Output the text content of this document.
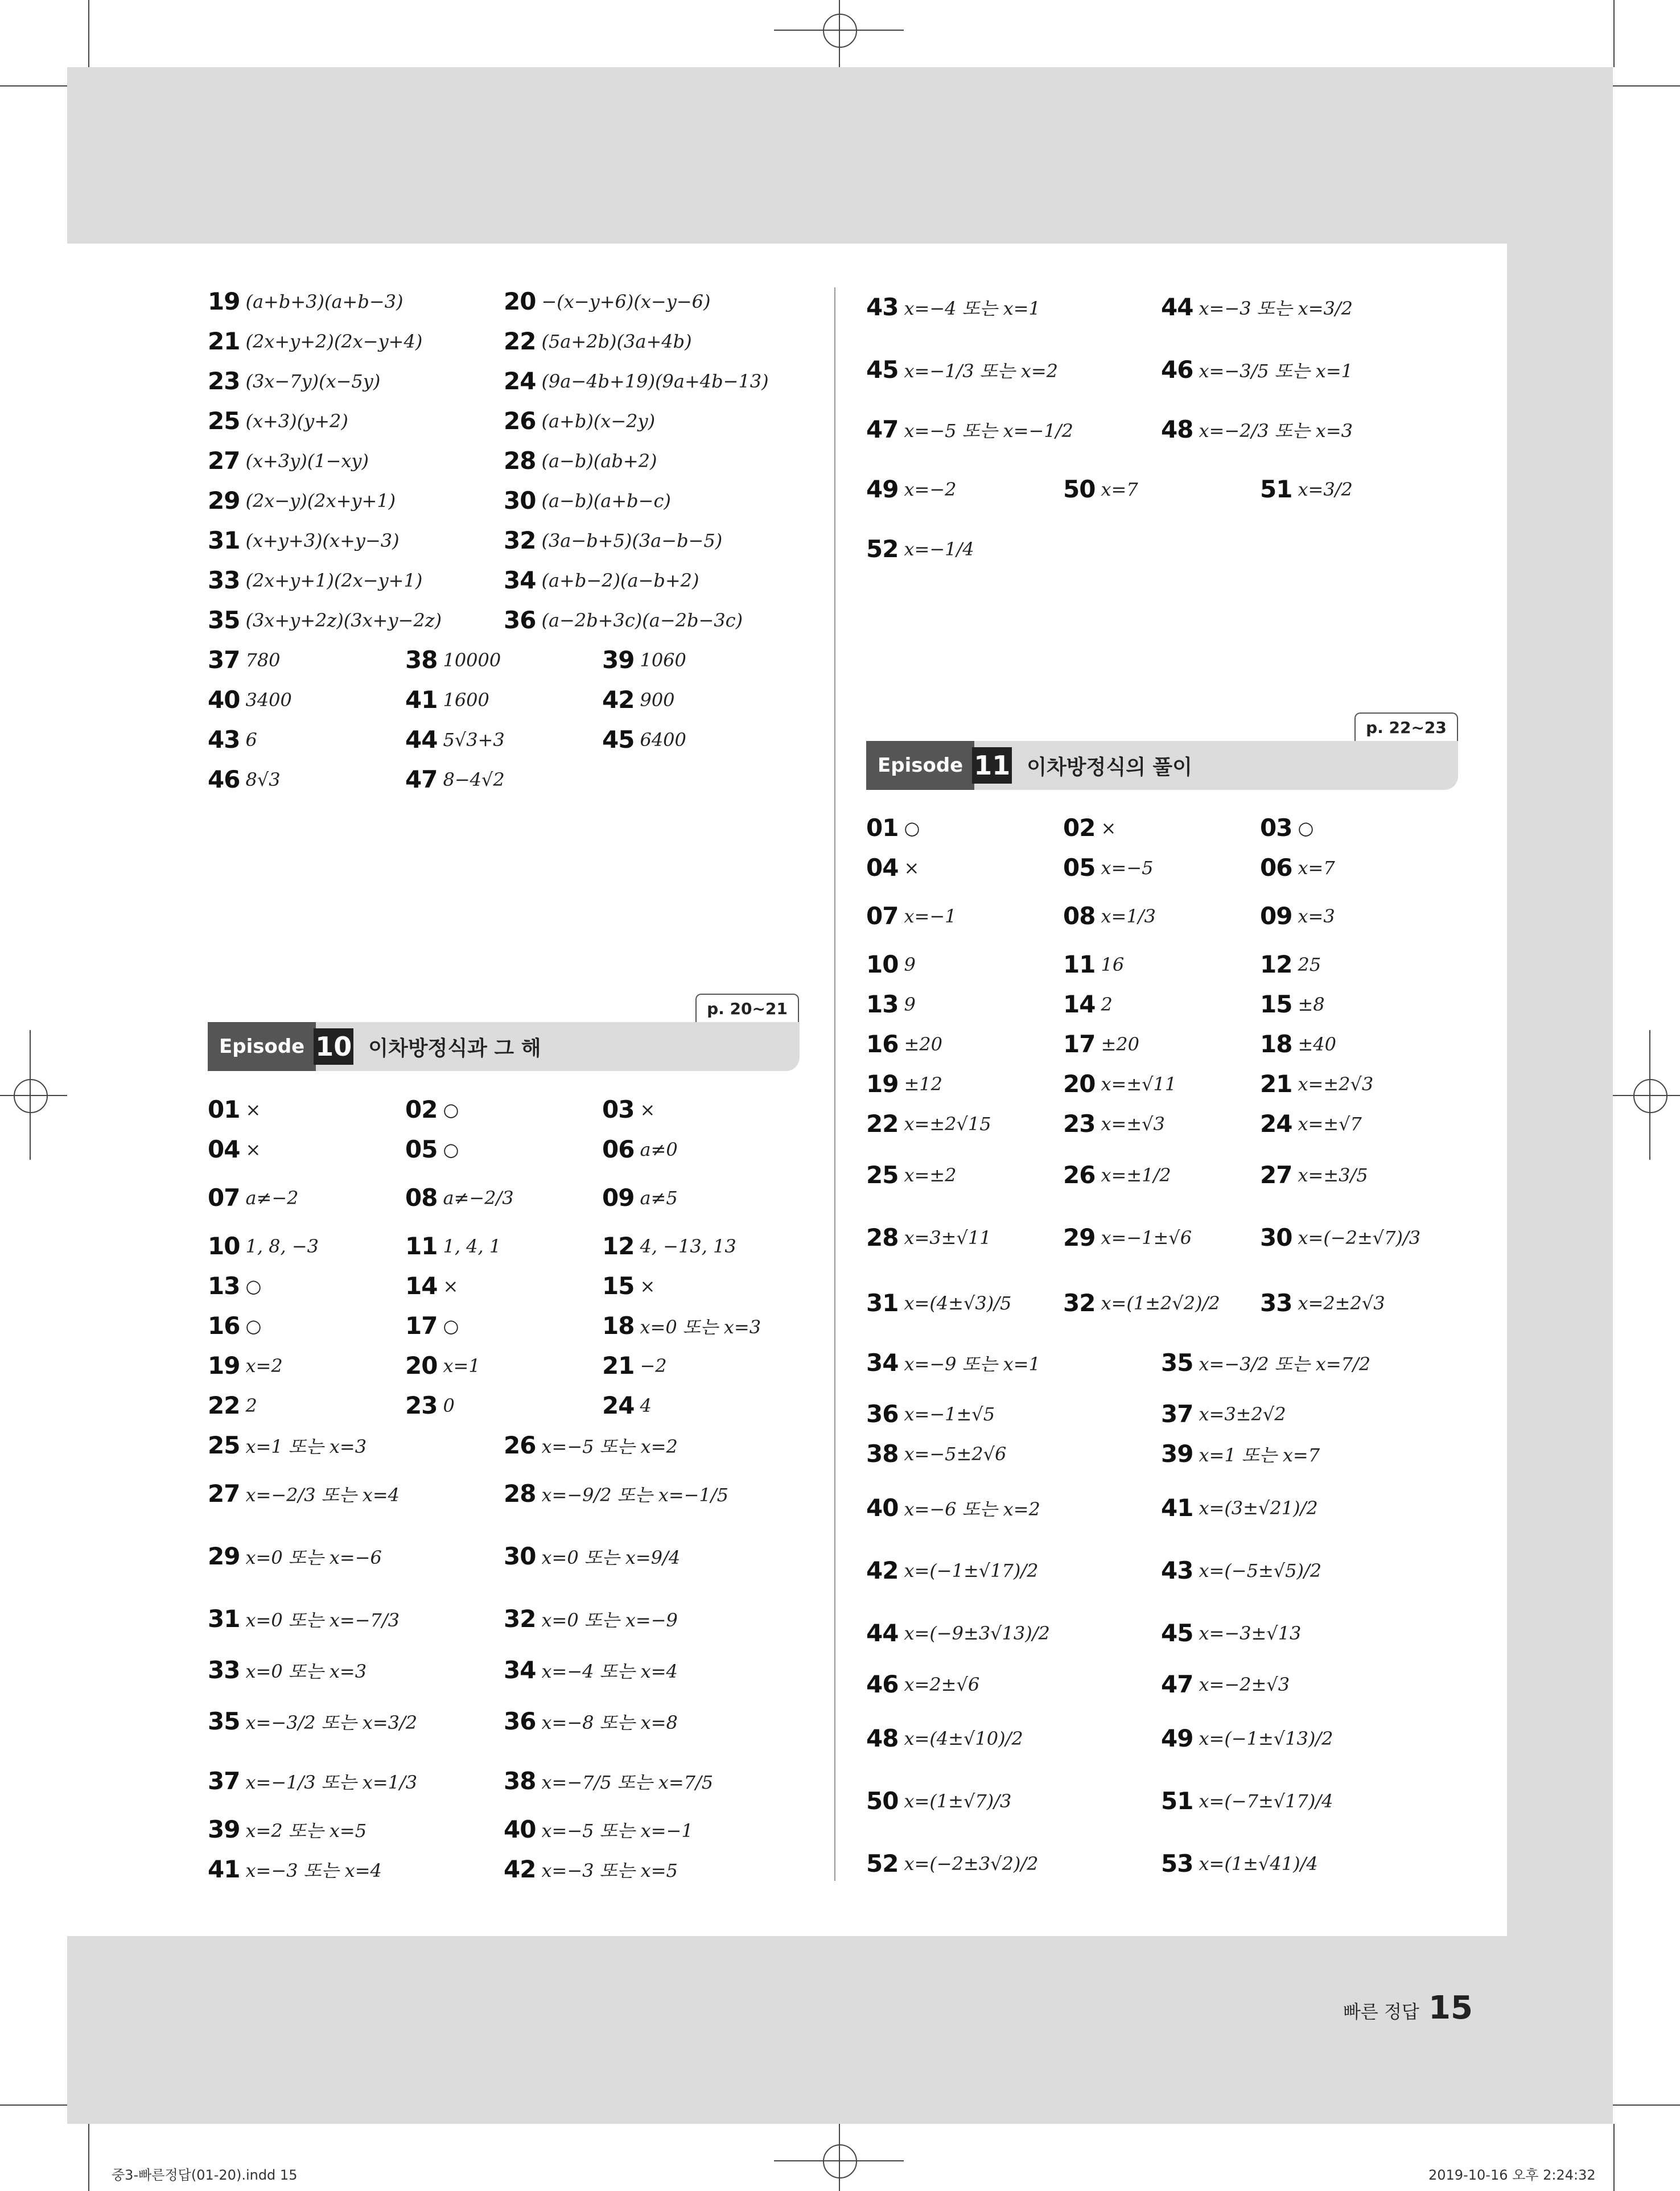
19 (a+b+3)(a+b−3)	20 −(x−y+6)(x−y−6)
21 (2x+y+2)(2x−y+4)	22 (5a+2b)(3a+4b)
23 (3x−7y)(x−5y)	24 (9a−4b+19)(9a+4b−13)
25 (x+3)(y+2)	26 (a+b)(x−2y)
27 (x+3y)(1−xy)	28 (a−b)(ab+2)
29 (2x−y)(2x+y+1)	30 (a−b)(a+b−c)
31 (x+y+3)(x+y−3)	32 (3a−b+5)(3a−b−5)
33 (2x+y+1)(2x−y+1)	34 (a+b−2)(a−b+2)
35 (3x+y+2z)(3x+y−2z)	36 (a−2b+3c)(a−2b−3c)
37 780	38 10000	39 1060
40 3400	41 1600	42 900
43 6	44 5√3+3	45 6400
46 8√3	47 8−4√2
p. 20~21
Episode 10 이차방정식과 그 해
01 ×	02 ○	03 ×
04 ×	05 ○	06 a≠0
07 a≠−2	08 a≠−2/3	09 a≠5
10 1, 8, −3	11 1, 4, 1	12 4, −13, 13
13 ○	14 ×	15 ×
16 ○	17 ○	18 x=0 또는 x=3
19 x=2	20 x=1	21 −2
22 2	23 0	24 4
25 x=1 또는 x=3	26 x=−5 또는 x=2
27 x=−2/3 또는 x=4	28 x=−9/2 또는 x=−1/5
29 x=0 또는 x=−6	30 x=0 또는 x=9/4
31 x=0 또는 x=−7/3	32 x=0 또는 x=−9
33 x=0 또는 x=3	34 x=−4 또는 x=4
35 x=−3/2 또는 x=3/2	36 x=−8 또는 x=8
37 x=−1/3 또는 x=1/3	38 x=−7/5 또는 x=7/5
39 x=2 또는 x=5	40 x=−5 또는 x=−1
41 x=−3 또는 x=4	42 x=−3 또는 x=5
43 x=−4 또는 x=1	44 x=−3 또는 x=3/2
45 x=−1/3 또는 x=2	46 x=−3/5 또는 x=1
47 x=−5 또는 x=−1/2	48 x=−2/3 또는 x=3
49 x=−2	50 x=7	51 x=3/2
52 x=−1/4
p. 22~23
Episode 11 이차방정식의 풀이
01 ○	02 ×	03 ○
04 ×	05 x=−5	06 x=7
07 x=−1	08 x=1/3	09 x=3
10 9	11 16	12 25
13 9	14 2	15 ±8
16 ±20	17 ±20	18 ±40
19 ±12	20 x=±√11	21 x=±2√3
22 x=±2√15	23 x=±√3	24 x=±√7
25 x=±2	26 x=±1/2	27 x=±3/5
28 x=3±√11	29 x=−1±√6	30 x=(−2±√7)/3
31 x=(4±√3)/5 32 x=(1±2√2)/2 33 x=2±2√3
34 x=−9 또는 x=1	35 x=−3/2 또는 x=7/2
36 x=−1±√5	37 x=3±2√2
38 x=−5±2√6	39 x=1 또는 x=7
40 x=−6 또는 x=2	41 x=(3±√21)/2
42 x=(−1±√17)/2	43 x=(−5±√5)/2
44 x=(−9±3√13)/2	45 x=−3±√13
46 x=2±√6	47 x=−2±√3
48 x=(4±√10)/2	49 x=(−1±√13)/2
50 x=(1±√7)/3	51 x=(−7±√17)/4
52 x=(−2±3√2)/2	53 x=(1±√41)/4
빠른 정답 15
중3-빠른정답(01-20).indd 15	2019-10-16 오후 2:24:32
